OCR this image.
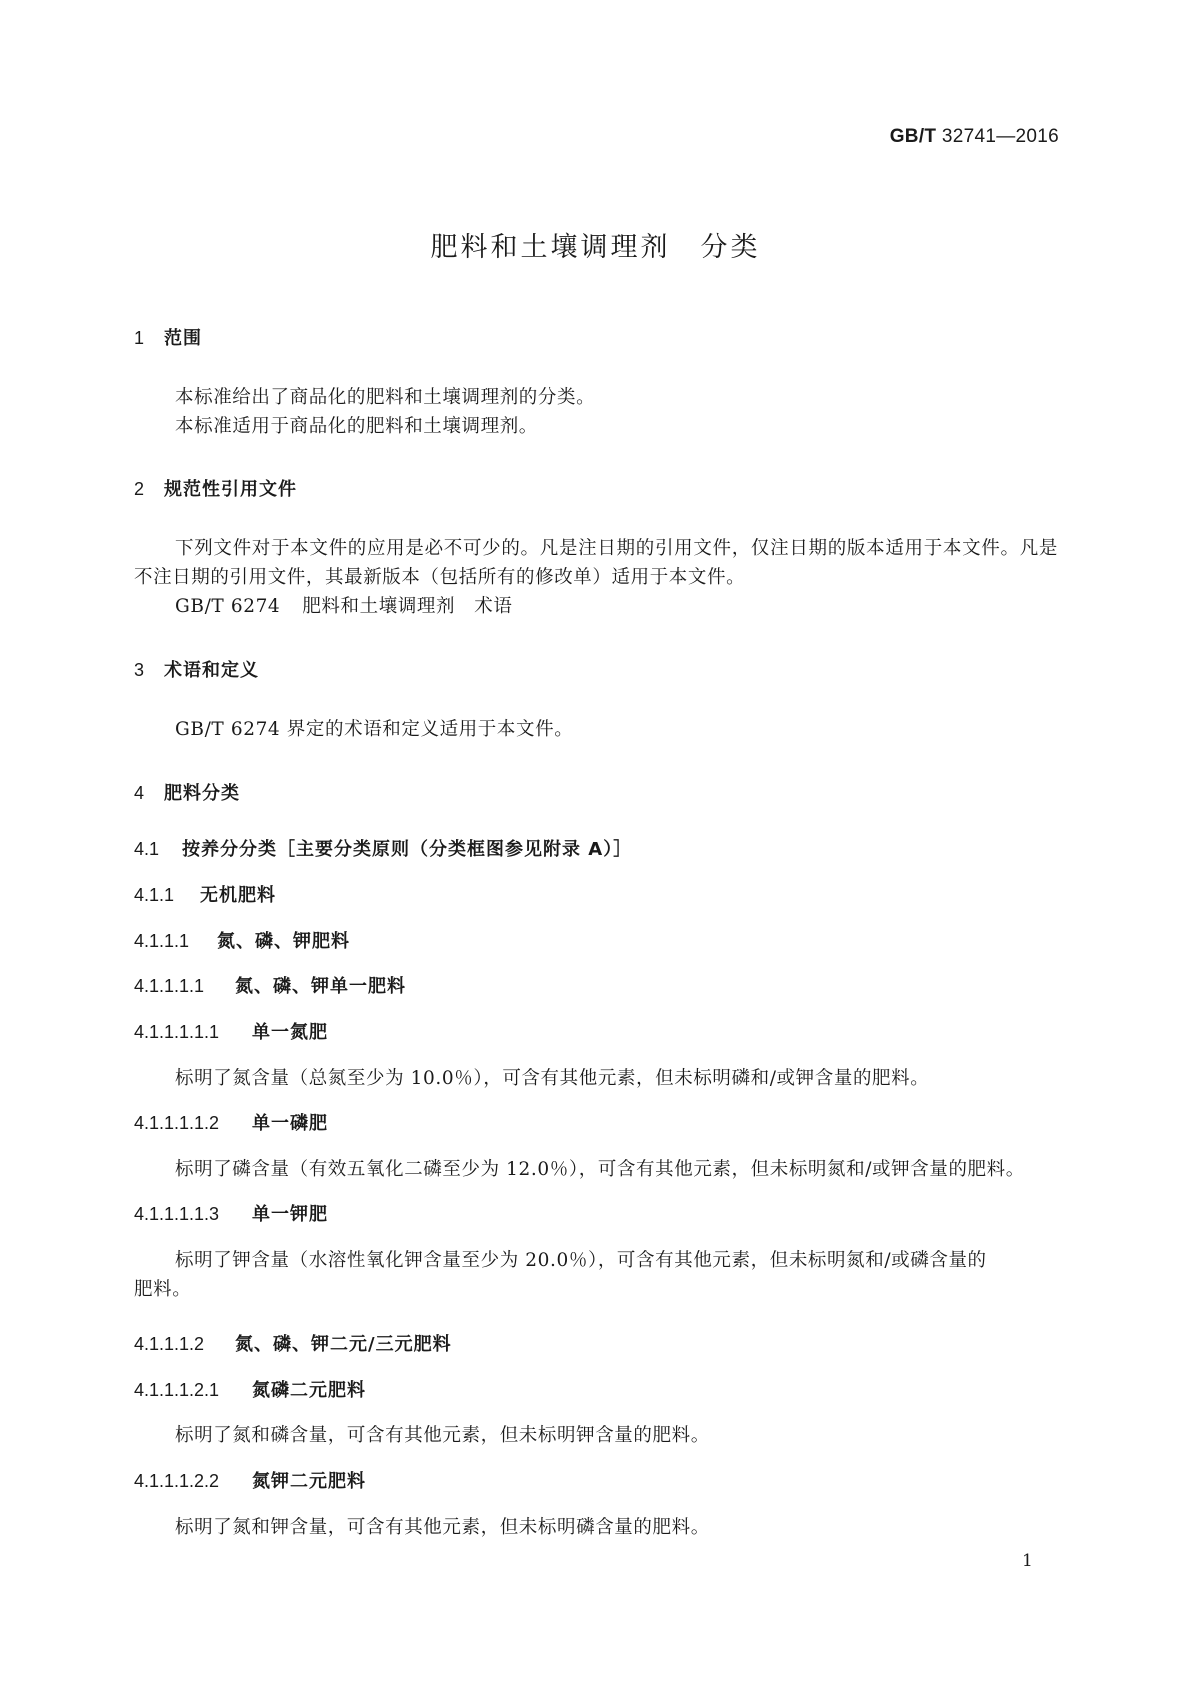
GB/T 32741—2016
肥料和土壤调理剂 分类
1 范围
本标准给出了商品化的肥料和土壤调理剂的分类。
本标准适用于商品化的肥料和土壤调理剂。
2 规范性引用文件
下列文件对于本文件的应用是必不可少的。凡是注日期的引用文件，仅注日期的版本适用于本文件。凡是不注日期的引用文件，其最新版本（包括所有的修改单）适用于本文件。
GB/T 6274 肥料和土壤调理剂　术语
3 术语和定义
GB/T 6274 界定的术语和定义适用于本文件。
4 肥料分类
4.1 按养分分类［主要分类原则（分类框图参见附录 A）］
4.1.1 无机肥料
4.1.1.1 氮、磷、钾肥料
4.1.1.1.1 氮、磷、钾单一肥料
4.1.1.1.1.1 单一氮肥
标明了氮含量（总氮至少为 10.0％），可含有其他元素，但未标明磷和/或钾含量的肥料。
4.1.1.1.1.2 单一磷肥
标明了磷含量（有效五氧化二磷至少为 12.0％），可含有其他元素，但未标明氮和/或钾含量的肥料。
4.1.1.1.1.3 单一钾肥
标明了钾含量（水溶性氧化钾含量至少为 20.0％），可含有其他元素，但未标明氮和/或磷含量的
肥料。
4.1.1.1.2 氮、磷、钾二元/三元肥料
4.1.1.1.2.1 氮磷二元肥料
标明了氮和磷含量，可含有其他元素，但未标明钾含量的肥料。
4.1.1.1.2.2 氮钾二元肥料
标明了氮和钾含量，可含有其他元素，但未标明磷含量的肥料。
1
